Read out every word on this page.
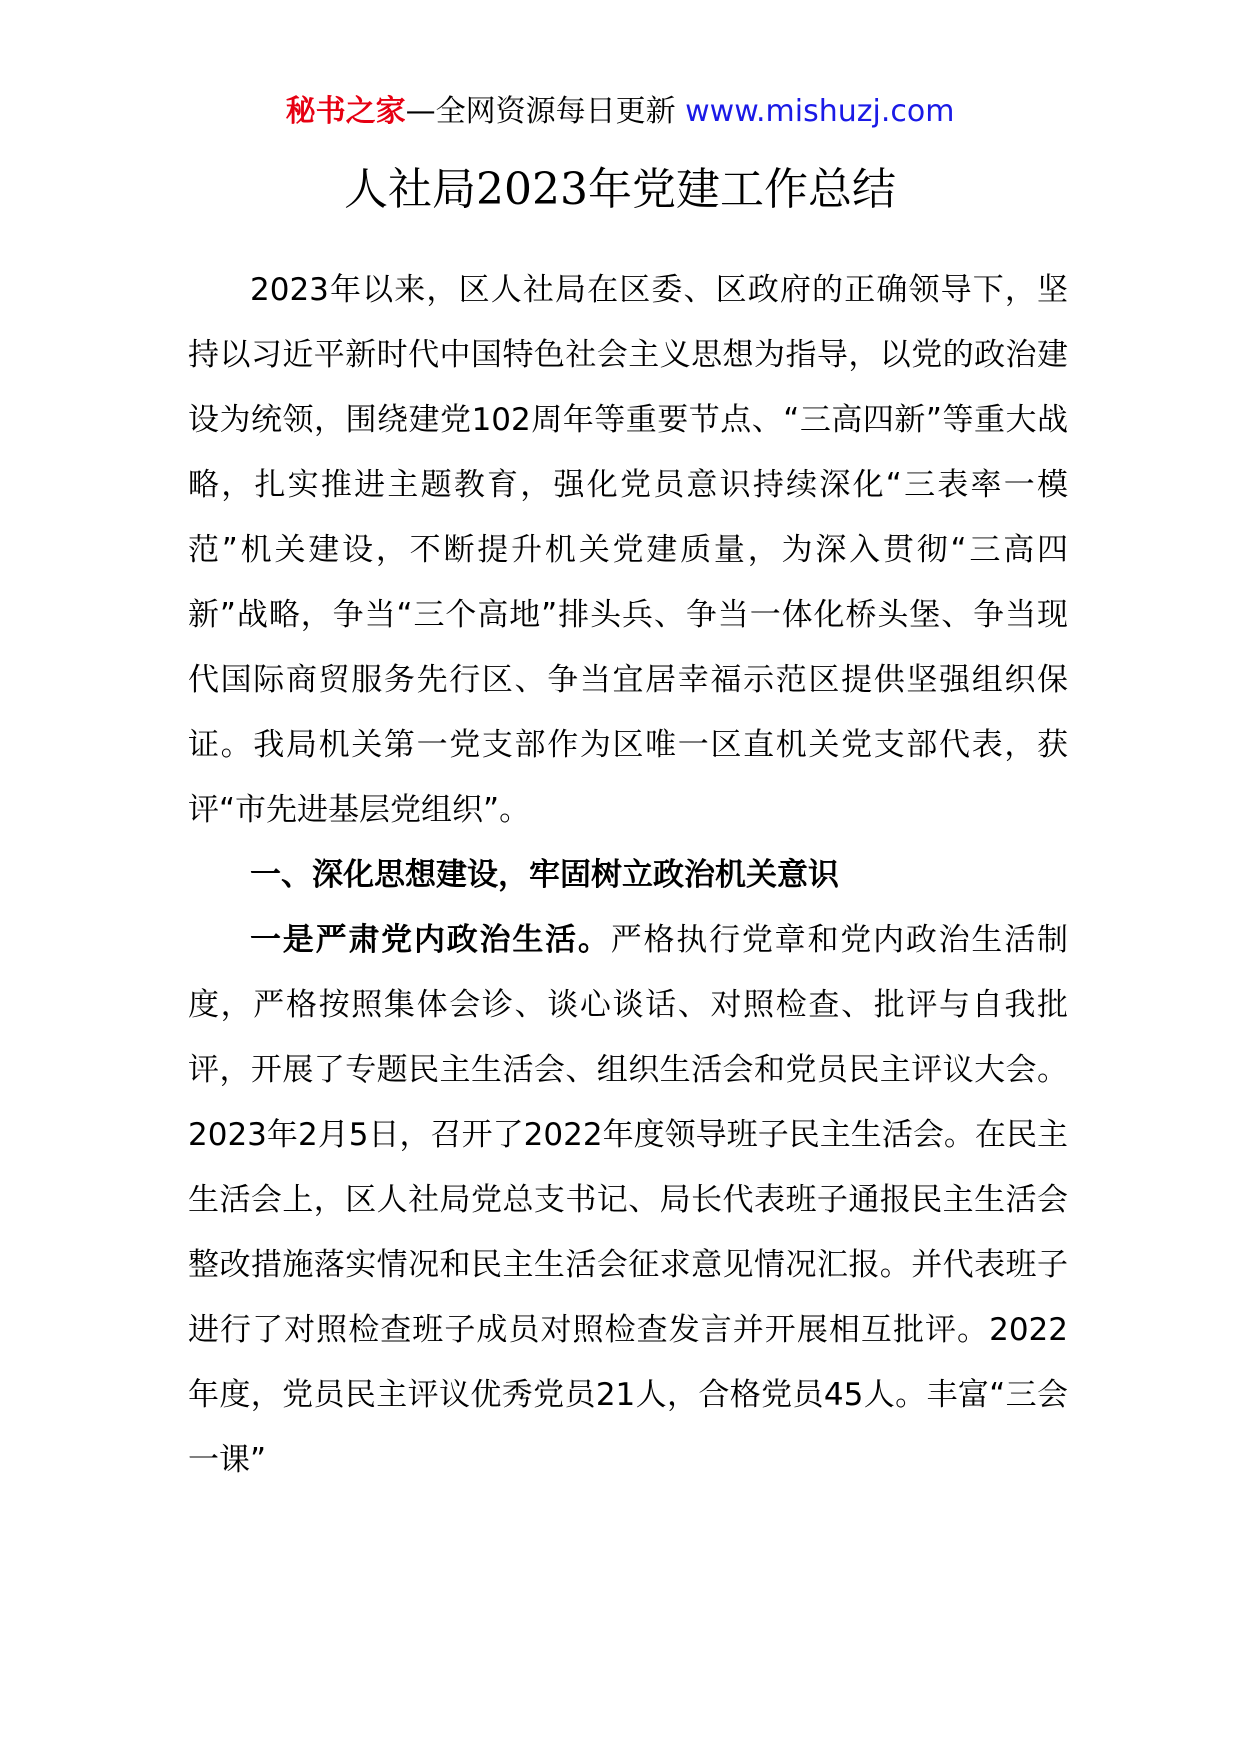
秘书之家—全网资源每日更新 www.mishuzj.com
人社局2023年党建工作总结

2023年以来，区人社局在区委、区政府的正确领导下，坚持以习近平新时代中国特色社会主义思想为指导，以党的政治建设为统领，围绕建党102周年等重要节点、“三高四新”等重大战略，扎实推进主题教育，强化党员意识持续深化“三表率一模范”机关建设，不断提升机关党建质量，为深入贯彻“三高四新”战略，争当“三个高地”排头兵、争当一体化桥头堡、争当现代国际商贸服务先行区、争当宜居幸福示范区提供坚强组织保证。我局机关第一党支部作为区唯一区直机关党支部代表，获评“市先进基层党组织”。

一、深化思想建设，牢固树立政治机关意识

一是严肃党内政治生活。严格执行党章和党内政治生活制度，严格按照集体会诊、谈心谈话、对照检查、批评与自我批评，开展了专题民主生活会、组织生活会和党员民主评议大会。2023年2月5日，召开了2022年度领导班子民主生活会。在民主生活会上，区人社局党总支书记、局长代表班子通报民主生活会整改措施落实情况和民主生活会征求意见情况汇报。并代表班子进行了对照检查班子成员对照检查发言并开展相互批评。2022年度，党员民主评议优秀党员21人，合格党员45人。丰富“三会一课”
